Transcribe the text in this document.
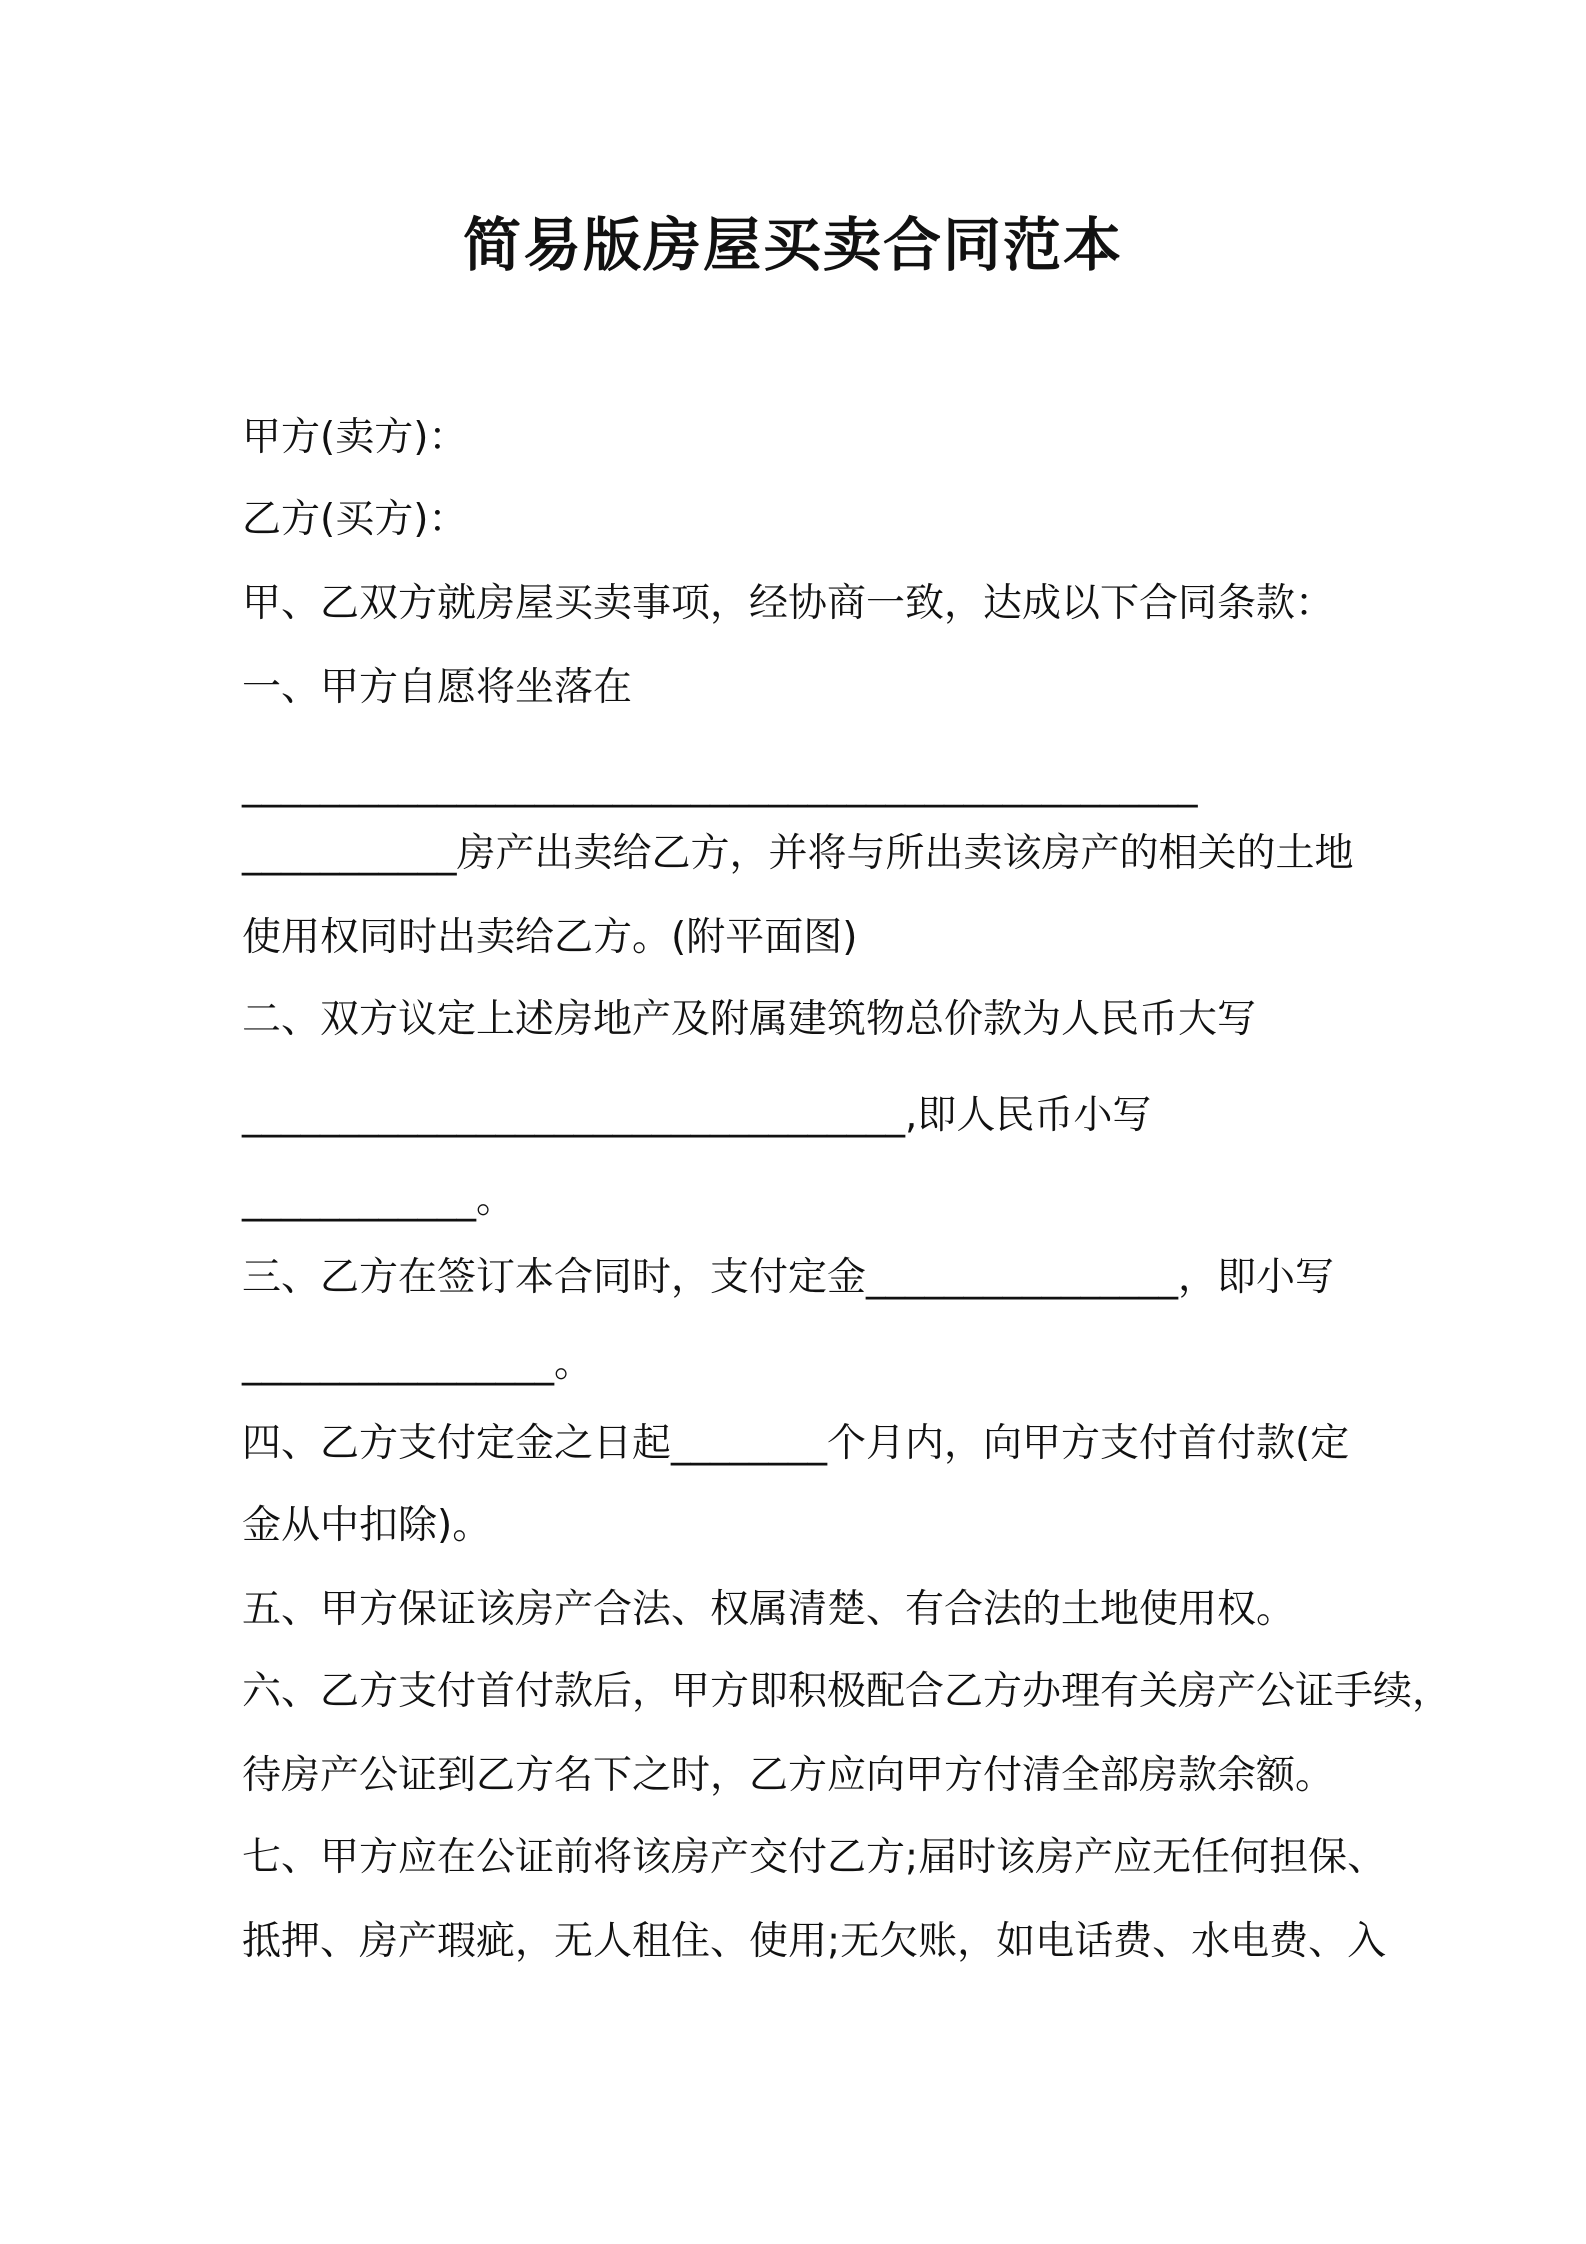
简易版房屋买卖合同范本

甲方(卖方)：

乙方(买方)：

甲、乙双方就房屋买卖事项，经协商一致，达成以下合同条款：

一、甲方自愿将坐落在

_________________________________________________

___________房产出卖给乙方，并将与所出卖该房产的相关的土地

使用权同时出卖给乙方。(附平面图)

二、双方议定上述房地产及附属建筑物总价款为人民币大写

__________________________________,即人民币小写

____________。

三、乙方在签订本合同时，支付定金________________，即小写

________________。

四、乙方支付定金之日起________个月内，向甲方支付首付款(定

金从中扣除)。

五、甲方保证该房产合法、权属清楚、有合法的土地使用权。

六、乙方支付首付款后，甲方即积极配合乙方办理有关房产公证手续，

待房产公证到乙方名下之时，乙方应向甲方付清全部房款余额。

七、甲方应在公证前将该房产交付乙方;届时该房产应无任何担保、

抵押、房产瑕疵，无人租住、使用;无欠账，如电话费、水电费、入
